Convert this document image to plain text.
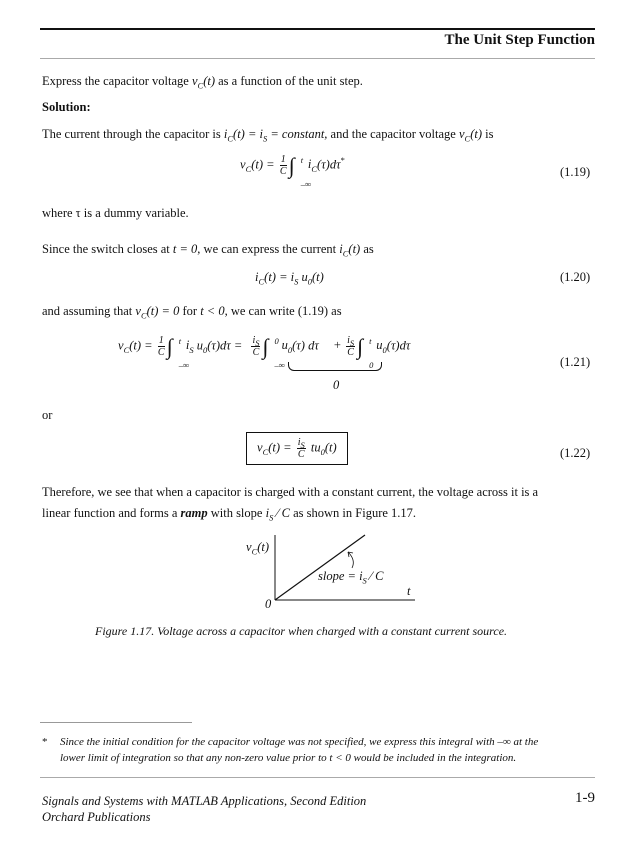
The Unit Step Function
Express the capacitor voltage $v_C(t)$ as a function of the unit step.
Solution:
The current through the capacitor is $i_C(t) = i_S$ = constant, and the capacitor voltage $v_C(t)$ is
$v_C(t) = \frac{1}{C}$ ∫ t
–∞
$i_C(\tau)d\tau^*$
(1.19)
where τ is a dummy variable.
Since the switch closes at t = 0, we can express the current $i_C(t)$ as
$i_C(t) = i_S$ $u_0(t)$	(1.20)
and assuming that $v_C(t) = 0$ for t < 0, we can write (1.19) as
$v_C(t) = \frac{1}{C}$ ∫ t
–∞
$i_S$ $u_0(\tau)d\tau = \frac{i_S}{C}$ ∫ 0
–∞
$u_0(\tau) d\tau + \frac{i_S}{C}$ ∫ t
0
$u_0(\tau)d\tau$
0
(1.21)
or
$v_C(t) = \frac{i_S}{C} tu_0(t)$	(1.22)
Therefore, we see that when a capacitor is charged with a constant current, the voltage across it is a
linear function and forms a ramp with slope $i_S$ ⁄ C as shown in Figure 1.17.
$v_C(t)$
slope = $i_S$ ⁄ C
t
0
Figure 1.17. Voltage across a capacitor when charged with a constant current source.
* Since the initial condition for the capacitor voltage was not specified, we express this integral with –∞ at the
lower limit of integration so that any non-zero value prior to t < 0 would be included in the integration.
Signals and Systems with MATLAB Applications, Second Edition
Orchard Publications
1-9
